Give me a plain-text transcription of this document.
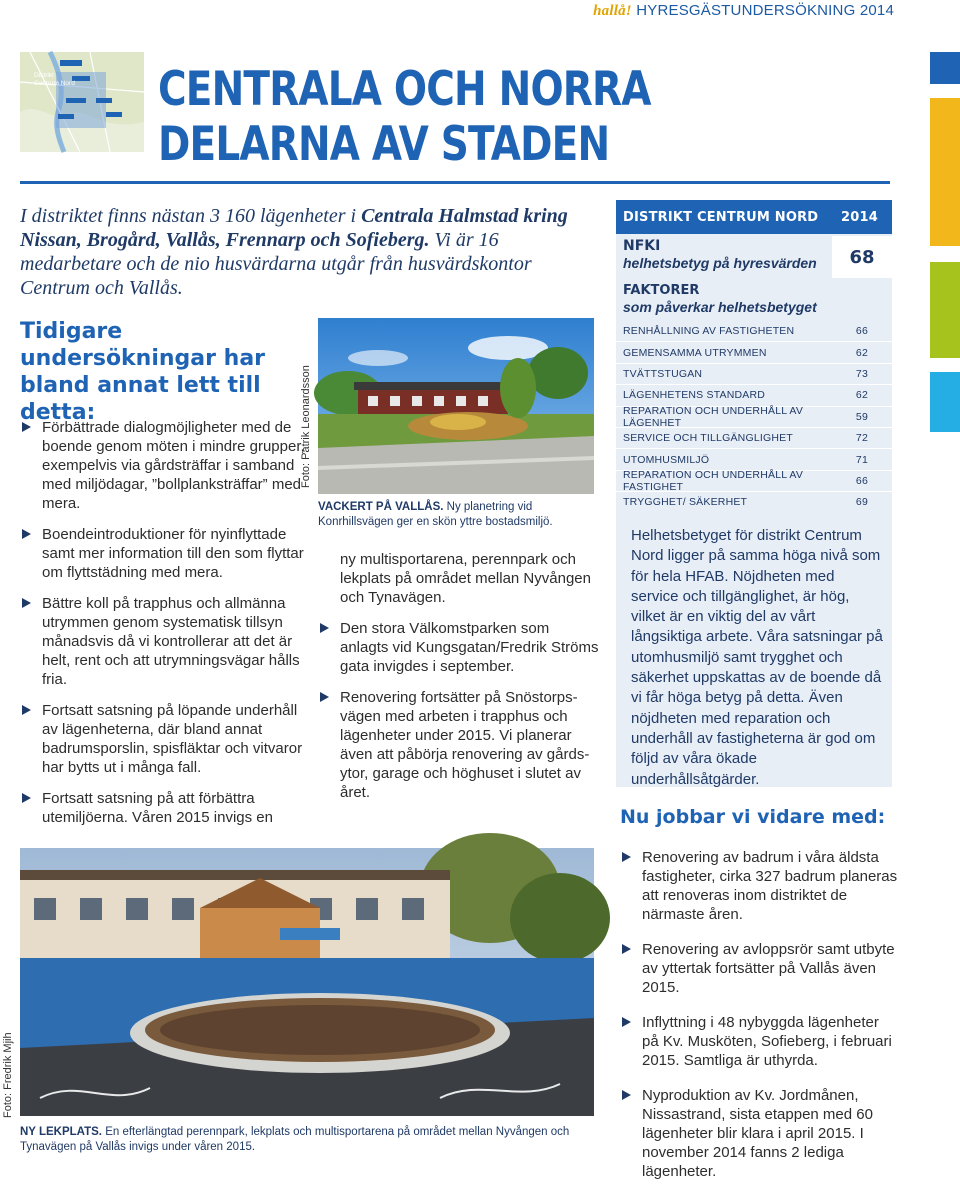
hallå! HYRESGÄSTUNDERSÖKNING 2014
Distrikt
Centrum Nord	CENTRALA OCH NORRA
DELARNA AV STADEN
I distriktet finns nästan 3 160 lägenheter i Centrala Halmstad kring Nissan, Brogård, Vallås, Frennarp och Sofieberg. Vi är 16 medarbetare och de nio husvärdarna utgår från husvärdskontor Centrum och Vallås.
Tidigare undersökningar har bland annat lett till detta:
Förbättrade dialogmöjligheter med de boende genom möten i mindre grupper, exempelvis via gårdsträffar i samband med miljödagar, ”bollplanksträffar” med mera.
Boendeintroduktioner för nyinflyttade samt mer information till den som flyttar om flyttstädning med mera.
Bättre koll på trapphus och allmänna utrymmen genom systematisk tillsyn månadsvis då vi kontrollerar att det är helt, rent och att utrymningsvägar hålls fria.
Fortsatt satsning på löpande underhåll av lägenheterna, där bland annat badrumsporslin, spisfläktar och vitvaror har bytts ut i många fall.
Fortsatt satsning på att förbättra utemiljöerna. Våren 2015 invigs en
Foto: Patrik Leonardsson
VACKERT PÅ VALLÅS. Ny planetring vid Konrhillsvägen ger en skön yttre bostadsmiljö.
ny multisportarena, perennpark och lekplats på området mellan Nyvången och Tynavägen.
Den stora Välkomstparken som anlagts vid Kungsgatan/Fredrik Ströms gata invigdes i september.
Renovering fortsätter på Snöstorpsvägen med arbeten i trapphus och lägenheter under 2015. Vi planerar även att påbörja renovering av gårdsytor, garage och höghuset i slutet av året.
DISTRIKT CENTRUM NORD 2014
NFKI
helhetsbetyg på hyresvärden	68
FAKTORER
som påverkar helhetsbetyget
RENHÅLLNING AV FASTIGHETEN	66
GEMENSAMMA UTRYMMEN	62
TVÄTTSTUGAN	73
LÄGENHETENS STANDARD	62
REPARATION OCH UNDERHÅLL AV LÄGENHET
59
SERVICE OCH TILLGÄNGLIGHET	72
UTOMHUSMILJÖ	71
REPARATION OCH UNDERHÅLL AV FASTIGHET
66
TRYGGHET/ SÄKERHET	69
Helhetsbetyget för distrikt Centrum Nord ligger på samma höga nivå som för hela HFAB. Nöjdheten med service och tillgänglighet, är hög, vilket är en viktig del av vårt långsiktiga arbete. Våra satsningar på utomhusmiljö samt trygghet och säkerhet uppskattas av de boende då vi får höga betyg på detta. Även nöjdheten med reparation och underhåll av fastigheterna är god om följd av våra ökade underhållsåtgärder.
Nu jobbar vi vidare med:
Renovering av badrum i våra äldsta fastigheter, cirka 327 badrum planeras att renoveras inom distriktet de närmaste åren.
Renovering av avloppsrör samt utbyte av yttertak fortsätter på Vallås även 2015.
Inflyttning i 48 nybyggda lägenheter på Kv. Musköten, Sofieberg, i februari 2015. Samtliga är uthyrda.
Nyproduktion av Kv. Jordmånen, Nissastrand, sista etappen med 60 lägenheter blir klara i april 2015. I november 2014 fanns 2 lediga lägenheter.
Foto: Fredrik Mjih
NY LEKPLATS. En efterlängtad perennpark, lekplats och multisportarena på området mellan Nyvången och Tynavägen på Vallås invigs under våren 2015.
